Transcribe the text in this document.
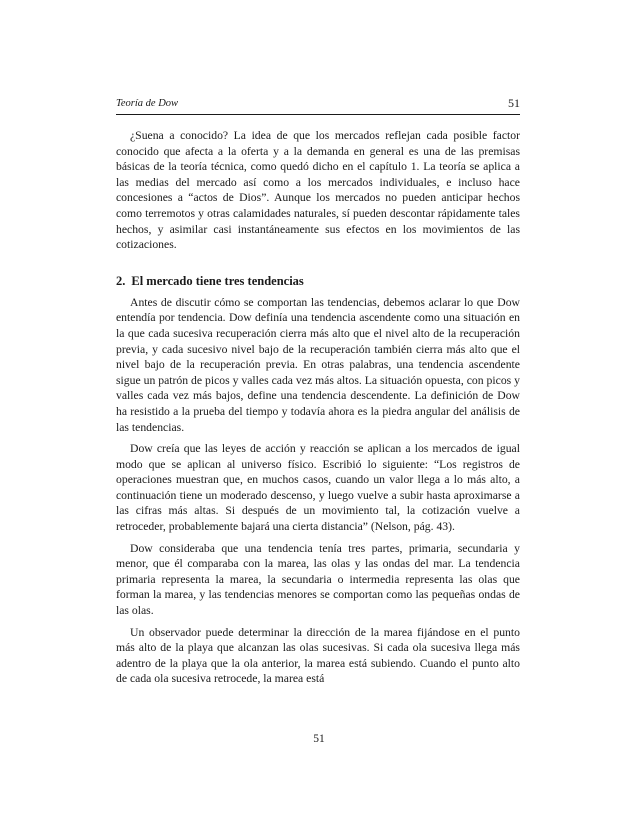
Teoría de Dow	51

¿Suena a conocido? La idea de que los mercados reflejan cada posible factor conocido que afecta a la oferta y a la demanda en general es una de las premisas básicas de la teoría técnica, como quedó dicho en el capítulo 1. La teoría se aplica a las medias del mercado así como a los mercados individuales, e incluso hace concesiones a “actos de Dios”. Aunque los mercados no pueden anticipar hechos como terremotos y otras calamidades naturales, sí pueden descontar rápidamente tales hechos, y asimilar casi instantáneamente sus efectos en los movimientos de las cotizaciones.

2. El mercado tiene tres tendencias

Antes de discutir cómo se comportan las tendencias, debemos aclarar lo que Dow entendía por tendencia. Dow definía una tendencia ascendente como una situación en la que cada sucesiva recuperación cierra más alto que el nivel alto de la recuperación previa, y cada sucesivo nivel bajo de la recuperación también cierra más alto que el nivel bajo de la recuperación previa. En otras palabras, una tendencia ascendente sigue un patrón de picos y valles cada vez más altos. La situación opuesta, con picos y valles cada vez más bajos, define una tendencia descendente. La definición de Dow ha resistido a la prueba del tiempo y todavía ahora es la piedra angular del análisis de las tendencias.

Dow creía que las leyes de acción y reacción se aplican a los mercados de igual modo que se aplican al universo físico. Escribió lo siguiente: “Los registros de operaciones muestran que, en muchos casos, cuando un valor llega a lo más alto, a continuación tiene un moderado descenso, y luego vuelve a subir hasta aproximarse a las cifras más altas. Si después de un movimiento tal, la cotización vuelve a retroceder, probablemente bajará una cierta distancia” (Nelson, pág. 43).

Dow consideraba que una tendencia tenía tres partes, primaria, secundaria y menor, que él comparaba con la marea, las olas y las ondas del mar. La tendencia primaria representa la marea, la secundaria o intermedia representa las olas que forman la marea, y las tendencias menores se comportan como las pequeñas ondas de las olas.

Un observador puede determinar la dirección de la marea fijándose en el punto más alto de la playa que alcanzan las olas sucesivas. Si cada ola sucesiva llega más adentro de la playa que la ola anterior, la marea está subiendo. Cuando el punto alto de cada ola sucesiva retrocede, la marea está

51
